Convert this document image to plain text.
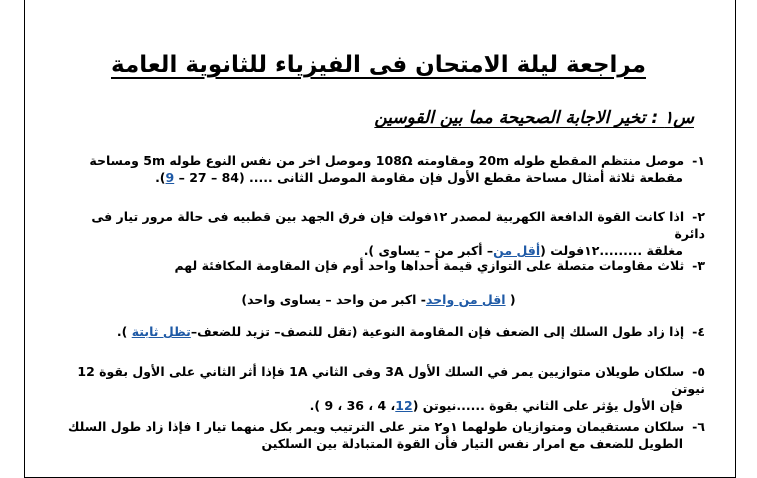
مراجعة ليلة الامتحان فى الفيزياء للثانوية العامة
س١ : تخير الاجابة الصحيحة مما بين القوسين
١-موصل منتظم المقطع طوله 20m ومقاومته 108Ω وموصل اخر من نفس النوع طوله 5m ومساحة
مقطعة ثلاثة أمثال مساحة مقطع الأول فإن مقاومة الموصل الثانى ..... (84 – 27 – 9).
٢-اذا كانت القوة الدافعة الكهربية لمصدر ١٢فولت فإن فرق الجهد بين قطبيه فى حالة مرور تيار فى دائرة
مغلقة .........١٢فولت (أقل من– أكبر من – يساوى ).
٣-ثلاث مقاومات متصلة على التوازي قيمة أحداها واحد أوم فإن المقاومة المكافئة لهم
( اقل من واحد- اكبر من واحد – يساوى واحد)
٤-إذا زاد طول السلك إلى الضعف فإن المقاومة النوعية (تقل للنصف– تزيد للضعف–تظل ثابتة ).
٥-سلكان طويلان متوازيين يمر في السلك الأول 3A وفى الثاني 1A فإذا أثر الثاني على الأول بقوة 12 نيوتن
فإن الأول يؤثر على الثاني بقوة ......نيوتن (12، 4 ، 36 ، 9 ).
٦-سلكان مستقيمان ومتوازيان طولهما ١و٢ متر على الترتيب ويمر بكل منهما تيار I فإذا زاد طول السلك
الطويل للضعف مع امرار نفس التيار فأن القوة المتبادلة بين السلكين
